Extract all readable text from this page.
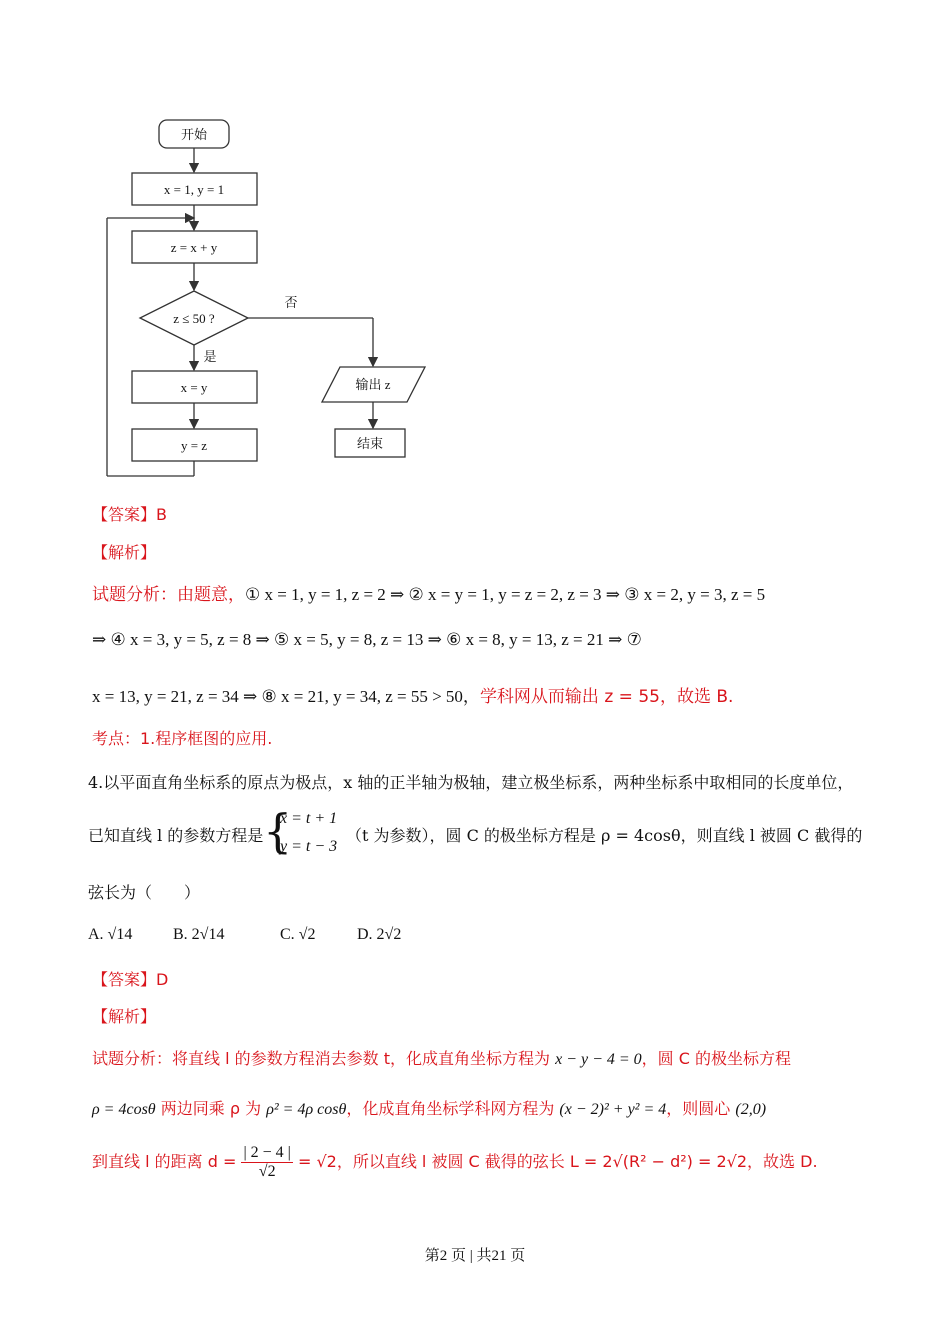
开始
x = 1, y = 1
z = x + y
z ≤ 50 ?
否
是
x = y
y = z
输出 z
结束
【答案】B
【解析】
试题分析：由题意，① x = 1, y = 1, z = 2 ⇒ ② x = y = 1, y = z = 2, z = 3 ⇒ ③ x = 2, y = 3, z = 5
⇒ ④ x = 3, y = 5, z = 8 ⇒ ⑤ x = 5, y = 8, z = 13 ⇒ ⑥ x = 8, y = 13, z = 21 ⇒ ⑦
x = 13, y = 21, z = 34 ⇒ ⑧ x = 21, y = 34, z = 55 > 50，学科网从而输出 z = 55，故选 B.
考点：1.程序框图的应用.
4.以平面直角坐标系的原点为极点，x 轴的正半轴为极轴，建立极坐标系，两种坐标系中取相同的长度单位，
已知直线 l 的参数方程是 {
x = t + 1
y = t − 3
（t 为参数），圆 C 的极坐标方程是 ρ = 4cosθ，则直线 l 被圆 C 截得的
弦长为（　　）
A. √14	B. 2√14	C. √2	D. 2√2
【答案】D
【解析】
试题分析：将直线 l 的参数方程消去参数 t，化成直角坐标方程为 x − y − 4 = 0，圆 C 的极坐标方程
ρ = 4cosθ 两边同乘 ρ 为 ρ² = 4ρ cosθ，化成直角坐标学科网方程为 (x − 2)² + y² = 4，则圆心 (2,0)
到直线 l 的距离 $d = \frac{| 2 - 4 |}{√2} = √2$，所以直线 l 被圆 C 截得的弦长 L = 2√(R² − d²) = 2√2，故选 D.
第2 页 | 共21 页
